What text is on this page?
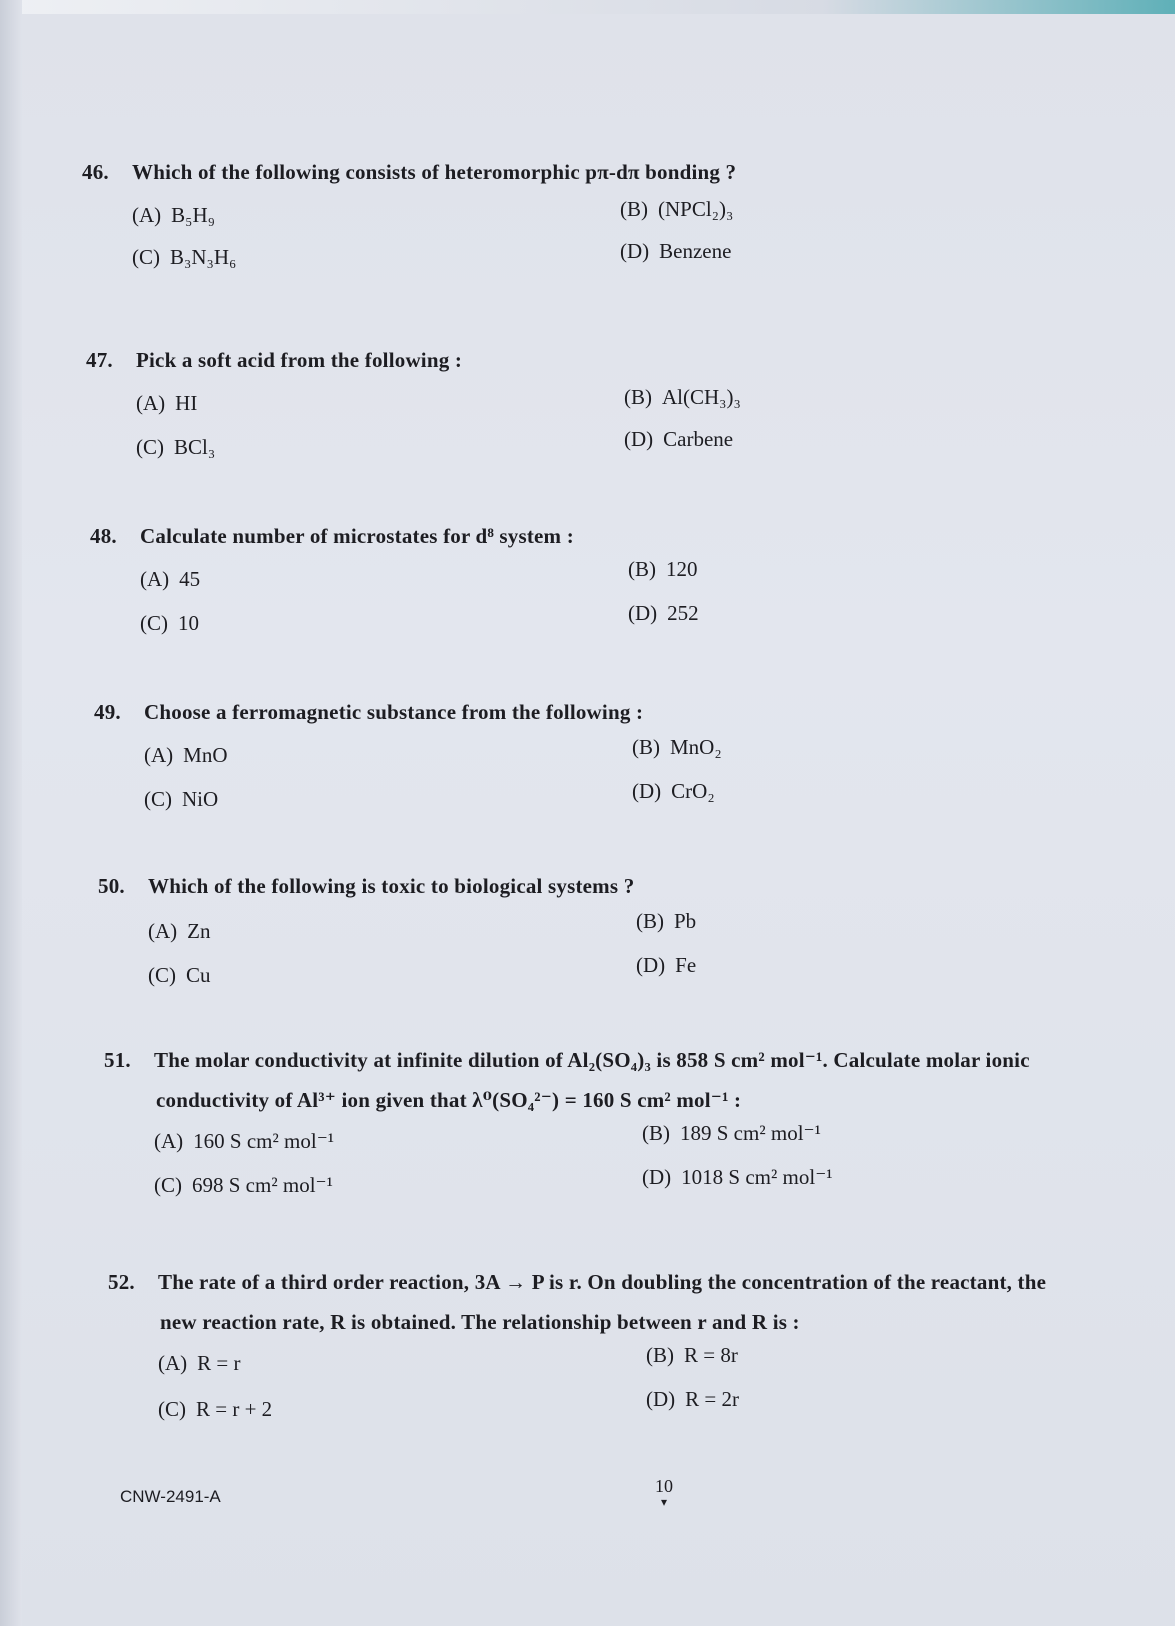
46. Which of the following consists of heteromorphic pπ-dπ bonding ?
(A) B₅H₉	(B) (NPCl₂)₃
(C) B₃N₃H₆	(D) Benzene
47. Pick a soft acid from the following :
(A) HI	(B) Al(CH₃)₃
(C) BCl₃	(D) Carbene
48. Calculate number of microstates for d⁸ system :
(A) 45	(B) 120
(C) 10	(D) 252
49. Choose a ferromagnetic substance from the following :
(A) MnO	(B) MnO₂
(C) NiO	(D) CrO₂
50. Which of the following is toxic to biological systems ?
(A) Zn	(B) Pb
(C) Cu	(D) Fe
51. The molar conductivity at infinite dilution of Al₂(SO₄)₃ is 858 S cm² mol⁻¹. Calculate molar ionic
conductivity of Al³⁺ ion given that λ⁰(SO₄²⁻) = 160 S cm² mol⁻¹ :
(A) 160 S cm² mol⁻¹	(B) 189 S cm² mol⁻¹
(C) 698 S cm² mol⁻¹	(D) 1018 S cm² mol⁻¹
52. The rate of a third order reaction, 3A → P is r. On doubling the concentration of the reactant, the
new reaction rate, R is obtained. The relationship between r and R is :
(A) R = r	(B) R = 8r
(C) R = r + 2	(D) R = 2r
CNW-2491-A
10
▾
